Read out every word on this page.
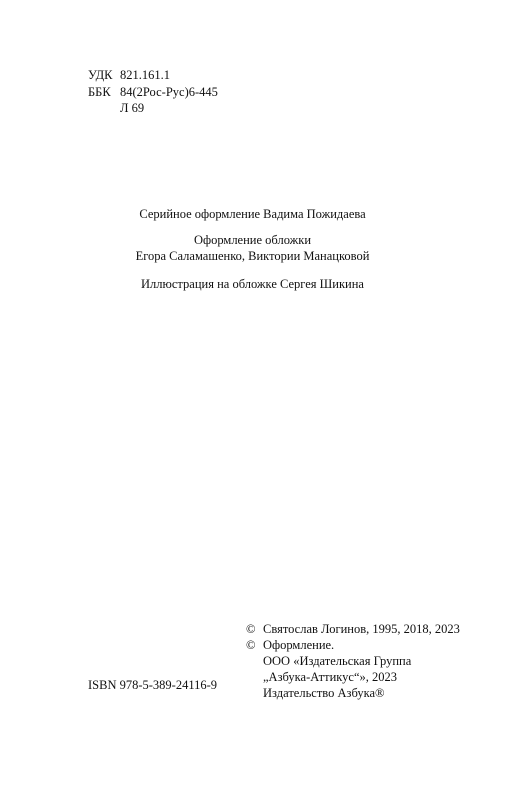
УДК 821.161.1
ББК 84(2Рос-Рус)6-445
Л 69

Серийное оформление Вадима Пожидаева

Оформление обложки

Егора Саламашенко, Виктории Манацковой

Иллюстрация на обложке Сергея Шикина

ISBN 978-5-389-24116-9
© Святослав Логинов, 1995, 2018, 2023
© Оформление.
ООО «Издательская Группа
„Азбука-Аттикус“», 2023
Издательство Азбука®
